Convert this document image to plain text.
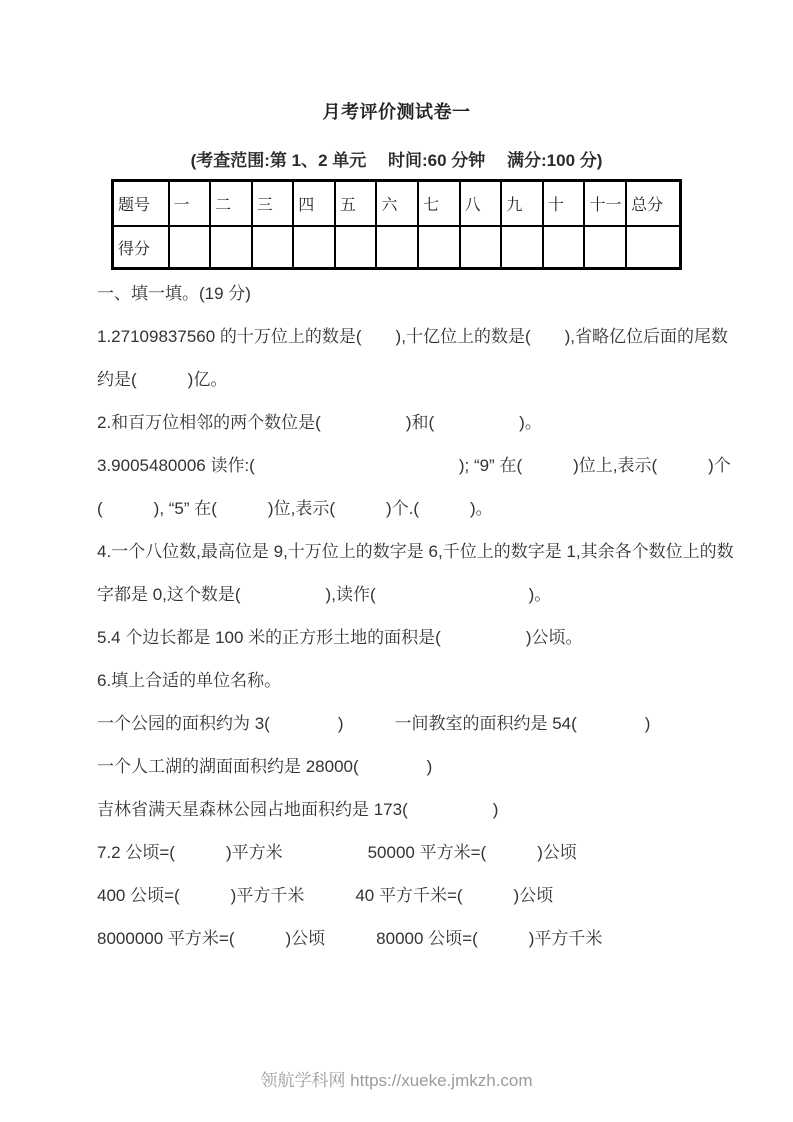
月考评价测试卷一
(考查范围:第 1、2 单元　 时间:60 分钟　 满分:100 分)
题号	一	二	三	四	五	六	七	八	九	十	十一	总分
得分												
一、填一填。(19 分)
1.27109837560 的十万位上的数是(　　),十亿位上的数是(　　),省略亿位后面的尾数
约是(　　　)亿。
2.和百万位相邻的两个数位是(　　　　　)和(　　　　　)。
3.9005480006 读作:(　　　　　　　　　　　　); “9” 在(　　　)位上,表示(　　　)个
(　　　), “5” 在(　　　)位,表示(　　　)个.(　　　)。
4.一个八位数,最高位是 9,十万位上的数字是 6,千位上的数字是 1,其余各个数位上的数
字都是 0,这个数是(　　　　　),读作(　　　　　　　　　)。
5.4 个边长都是 100 米的正方形土地的面积是(　　　　　)公顷。
6.填上合适的单位名称。
一个公园的面积约为 3(　　　　)　　　一间教室的面积约是 54(　　　　)
一个人工湖的湖面面积约是 28000(　　　　)
吉林省满天星森林公园占地面积约是 173(　　　　　)
7.2 公顷=(　　　)平方米　　　　　50000 平方米=(　　　)公顷
400 公顷=(　　　)平方千米　　　40 平方千米=(　　　)公顷
8000000 平方米=(　　　)公顷　　　80000 公顷=(　　　)平方千米
领航学科网 https://xueke.jmkzh.com
